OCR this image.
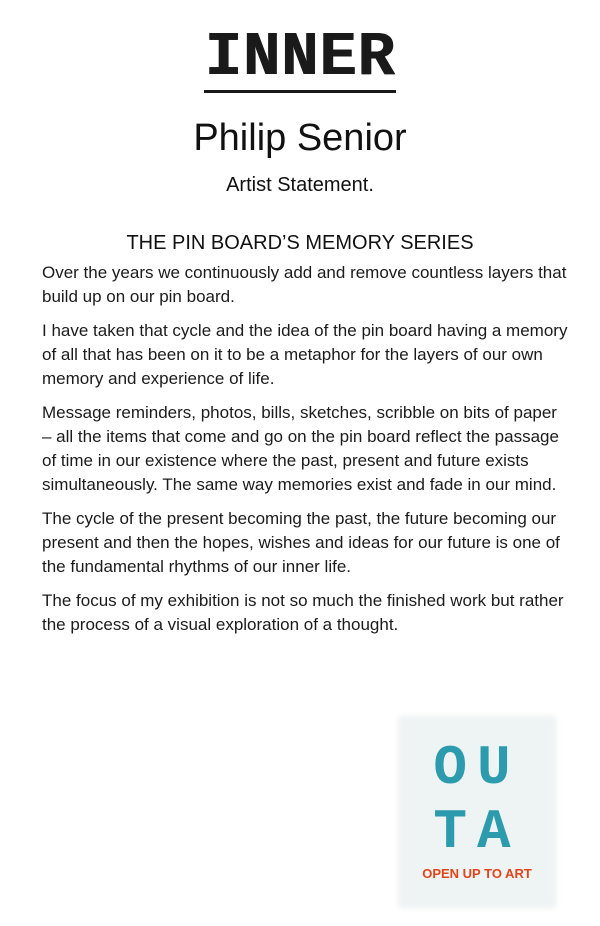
INNER
Philip Senior
Artist Statement.
THE PIN BOARD’S MEMORY SERIES

Over the years we continuously add and remove countless layers that build up on our pin board.

I have taken that cycle and the idea of the pin board having a memory of all that has been on it to be a metaphor for the layers of our own memory and experience of life.

Message reminders, photos, bills, sketches, scribble on bits of paper – all the items that come and go on the pin board reflect the passage of time in our existence where the past, present and future exists simultaneously. The same way memories exist and fade in our mind.

The cycle of the present becoming the past, the future becoming our present and then the hopes, wishes and ideas for our future is one of the fundamental rhythms of our inner life.

The focus of my exhibition is not so much the finished work but rather the process of a visual exploration of a thought.

OU
TA
OPEN UP TO ART
